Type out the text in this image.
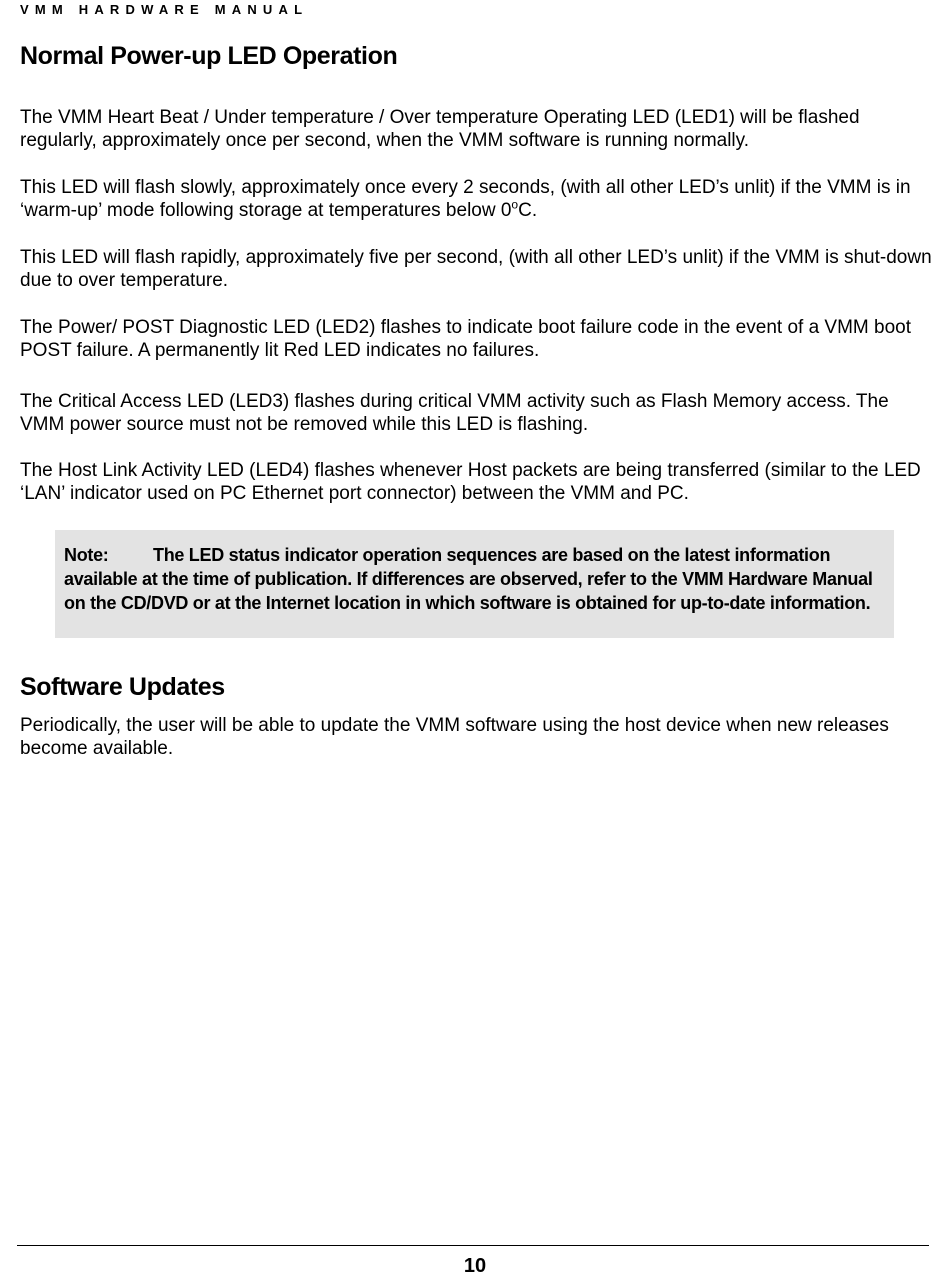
VMM HARDWARE MANUAL
Normal Power-up LED Operation

The VMM Heart Beat / Under temperature / Over temperature Operating LED (LED1) will be flashed regularly, approximately once per second, when the VMM software is running normally.

This LED will flash slowly, approximately once every 2 seconds, (with all other LED’s unlit) if the VMM is in ‘warm-up’ mode following storage at temperatures below 0$^o$C.

This LED will flash rapidly, approximately five per second, (with all other LED’s unlit) if the VMM is shut-down due to over temperature.

The Power/ POST Diagnostic LED (LED2) flashes to indicate boot failure code in the event of a VMM boot POST failure. A permanently lit Red LED indicates no failures.

The Critical Access LED (LED3) flashes during critical VMM activity such as Flash Memory access. The VMM power source must not be removed while this LED is flashing.

The Host Link Activity LED (LED4) flashes whenever Host packets are being transferred (similar to the LED ‘LAN’ indicator used on PC Ethernet port connector) between the VMM and PC.

Note: The LED status indicator operation sequences are based on the latest information available at the time of publication. If differences are observed, refer to the VMM Hardware Manual on the CD/DVD or at the Internet location in which software is obtained for up-to-date information.
Software Updates

Periodically, the user will be able to update the VMM software using the host device when new releases become available.

10
